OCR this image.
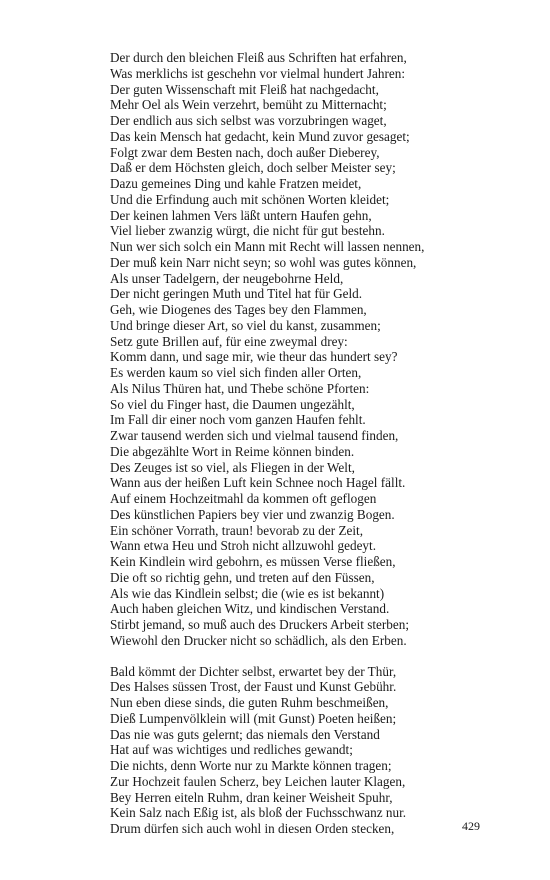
Der durch den bleichen Fleiß aus Schriften hat erfahren,
Was merklichs ist geschehn vor vielmal hundert Jahren:
Der guten Wissenschaft mit Fleiß hat nachgedacht,
Mehr Oel als Wein verzehrt, bemüht zu Mitternacht;
Der endlich aus sich selbst was vorzubringen waget,
Das kein Mensch hat gedacht, kein Mund zuvor gesaget;
Folgt zwar dem Besten nach, doch außer Dieberey,
Daß er dem Höchsten gleich, doch selber Meister sey;
Dazu gemeines Ding und kahle Fratzen meidet,
Und die Erfindung auch mit schönen Worten kleidet;
Der keinen lahmen Vers läßt untern Haufen gehn,
Viel lieber zwanzig würgt, die nicht für gut bestehn.
Nun wer sich solch ein Mann mit Recht will lassen nennen,
Der muß kein Narr nicht seyn; so wohl was gutes können,
Als unser Tadelgern, der neugebohrne Held,
Der nicht geringen Muth und Titel hat für Geld.
Geh, wie Diogenes des Tages bey den Flammen,
Und bringe dieser Art, so viel du kanst, zusammen;
Setz gute Brillen auf, für eine zweymal drey:
Komm dann, und sage mir, wie theur das hundert sey?
Es werden kaum so viel sich finden aller Orten,
Als Nilus Thüren hat, und Thebe schöne Pforten:
So viel du Finger hast, die Daumen ungezählt,
Im Fall dir einer noch vom ganzen Haufen fehlt.
Zwar tausend werden sich und vielmal tausend finden,
Die abgezählte Wort in Reime können binden.
Des Zeuges ist so viel, als Fliegen in der Welt,
Wann aus der heißen Luft kein Schnee noch Hagel fällt.
Auf einem Hochzeitmahl da kommen oft geflogen
Des künstlichen Papiers bey vier und zwanzig Bogen.
Ein schöner Vorrath, traun! bevorab zu der Zeit,
Wann etwa Heu und Stroh nicht allzuwohl gedeyt.
Kein Kindlein wird gebohrn, es müssen Verse fließen,
Die oft so richtig gehn, und treten auf den Füssen,
Als wie das Kindlein selbst; die (wie es ist bekannt)
Auch haben gleichen Witz, und kindischen Verstand.
Stirbt jemand, so muß auch des Druckers Arbeit sterben;
Wiewohl den Drucker nicht so schädlich, als den Erben.
Bald kömmt der Dichter selbst, erwartet bey der Thür,
Des Halses süssen Trost, der Faust und Kunst Gebühr.
Nun eben diese sinds, die guten Ruhm beschmeißen,
Dieß Lumpenvölklein will (mit Gunst) Poeten heißen;
Das nie was guts gelernt; das niemals den Verstand
Hat auf was wichtiges und redliches gewandt;
Die nichts, denn Worte nur zu Markte können tragen;
Zur Hochzeit faulen Scherz, bey Leichen lauter Klagen,
Bey Herren eiteln Ruhm, dran keiner Weisheit Spuhr,
Kein Salz nach Eßig ist, als bloß der Fuchsschwanz nur.
Drum dürfen sich auch wohl in diesen Orden stecken,	429
